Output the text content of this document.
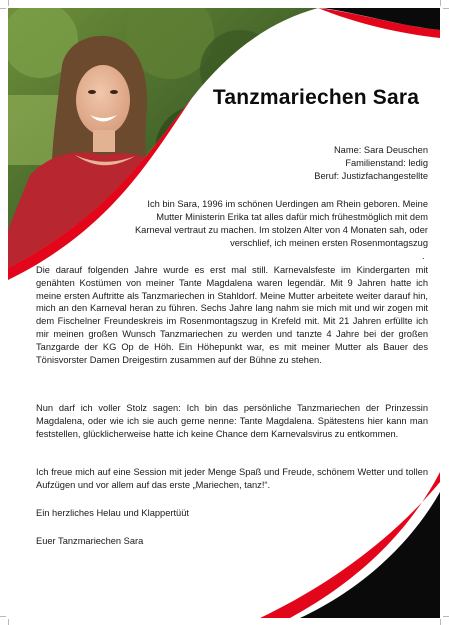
Tanzmariechen Sara
Name: Sara Deuschen
Familienstand: ledig
Beruf: Justizfachangestellte
Ich bin Sara, 1996 im schönen Uerdingen am Rhein geboren. Meine
Mutter Ministerin Erika tat alles dafür mich frühestmöglich mit dem
Karneval vertraut zu machen. Im stolzen Alter von 4 Monaten sah, oder
verschlief, ich meinen ersten Rosenmontagszug
.
Die darauf folgenden Jahre wurde es erst mal still. Karnevalsfeste im Kindergarten mit genähten Kostümen von meiner Tante Magdalena waren legendär. Mit 9 Jahren hatte ich meine ersten Auftritte als Tanzmariechen in Stahldorf. Meine Mutter arbeitete weiter darauf hin, mich an den Karneval heran zu führen. Sechs Jahre lang nahm sie mich mit und wir zogen mit dem Fischelner Freundeskreis im Rosenmontagszug in Krefeld mit. Mit 21 Jahren erfüllte ich mir meinen großen Wunsch Tanzmariechen zu werden und tanzte 4 Jahre bei der großen Tanzgarde der KG Op de Höh. Ein Höhepunkt war, es mit meiner Mutter als Bauer des Tönisvorster Damen Dreigestirn zusammen auf der Bühne zu stehen.
Nun darf ich voller Stolz sagen: Ich bin das persönliche Tanzmariechen der Prinzessin Magdalena, oder wie ich sie auch gerne nenne: Tante Magdalena. Spätestens hier kann man feststellen, glücklicherweise hatte ich keine Chance dem Karnevalsvirus zu entkommen.
Ich freue mich auf eine Session mit jeder Menge Spaß und Freude, schönem Wetter und tollen Aufzügen und vor allem auf das erste „Mariechen, tanz!“.
Ein herzliches Helau und Klappertüüt
Euer Tanzmariechen Sara
